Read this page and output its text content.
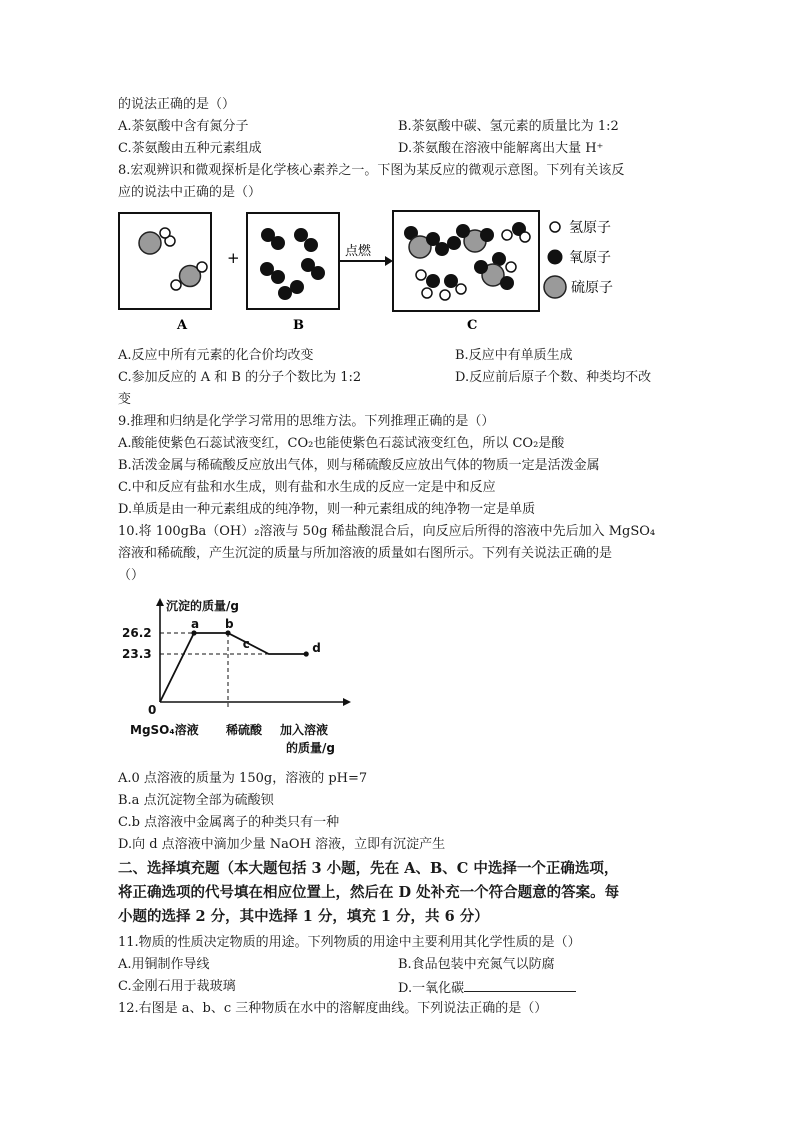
的说法正确的是（）
A.茶氨酸中含有氮分子	B.茶氨酸中碳、氢元素的质量比为 1:2
C.茶氨酸由五种元素组成	D.茶氨酸在溶液中能解离出大量 H⁺
8.宏观辨识和微观探析是化学核心素养之一。下图为某反应的微观示意图。下列有关该反
应的说法中正确的是（）
+	点燃
氢原子
氧原子
硫原子
A	B	C
A.反应中所有元素的化合价均改变	B.反应中有单质生成
C.参加反应的 A 和 B 的分子个数比为 1:2	D.反应前后原子个数、种类均不改
变
9.推理和归纳是化学学习常用的思维方法。下列推理正确的是（）
A.酸能使紫色石蕊试液变红，CO₂也能使紫色石蕊试液变红色，所以 CO₂是酸
B.活泼金属与稀硫酸反应放出气体，则与稀硫酸反应放出气体的物质一定是活泼金属
C.中和反应有盐和水生成，则有盐和水生成的反应一定是中和反应
D.单质是由一种元素组成的纯净物，则一种元素组成的纯净物一定是单质
10.将 100gBa（OH）₂溶液与 50g 稀盐酸混合后，向反应后所得的溶液中先后加入 MgSO₄
溶液和稀硫酸，产生沉淀的质量与所加溶液的质量如右图所示。下列有关说法正确的是
（）
沉淀的质量/g
0
加入溶液
的质量/g
MgSO₄溶液 稀硫酸
26.2
23.3
a b
c	d
A.0 点溶液的质量为 150g，溶液的 pH=7
B.a 点沉淀物全部为硫酸钡
C.b 点溶液中金属离子的种类只有一种
D.向 d 点溶液中滴加少量 NaOH 溶液，立即有沉淀产生
二、选择填充题（本大题包括 3 小题，先在 A、B、C 中选择一个正确选项，
将正确选项的代号填在相应位置上，然后在 D 处补充一个符合题意的答案。每
小题的选择 2 分，其中选择 1 分，填充 1 分，共 6 分）
11.物质的性质决定物质的用途。下列物质的用途中主要利用其化学性质的是（）
A.用铜制作导线	B.食品包装中充氮气以防腐
C.金刚石用于裁玻璃	D.一氧化碳
12.右图是 a、b、c 三种物质在水中的溶解度曲线。下列说法正确的是（）
